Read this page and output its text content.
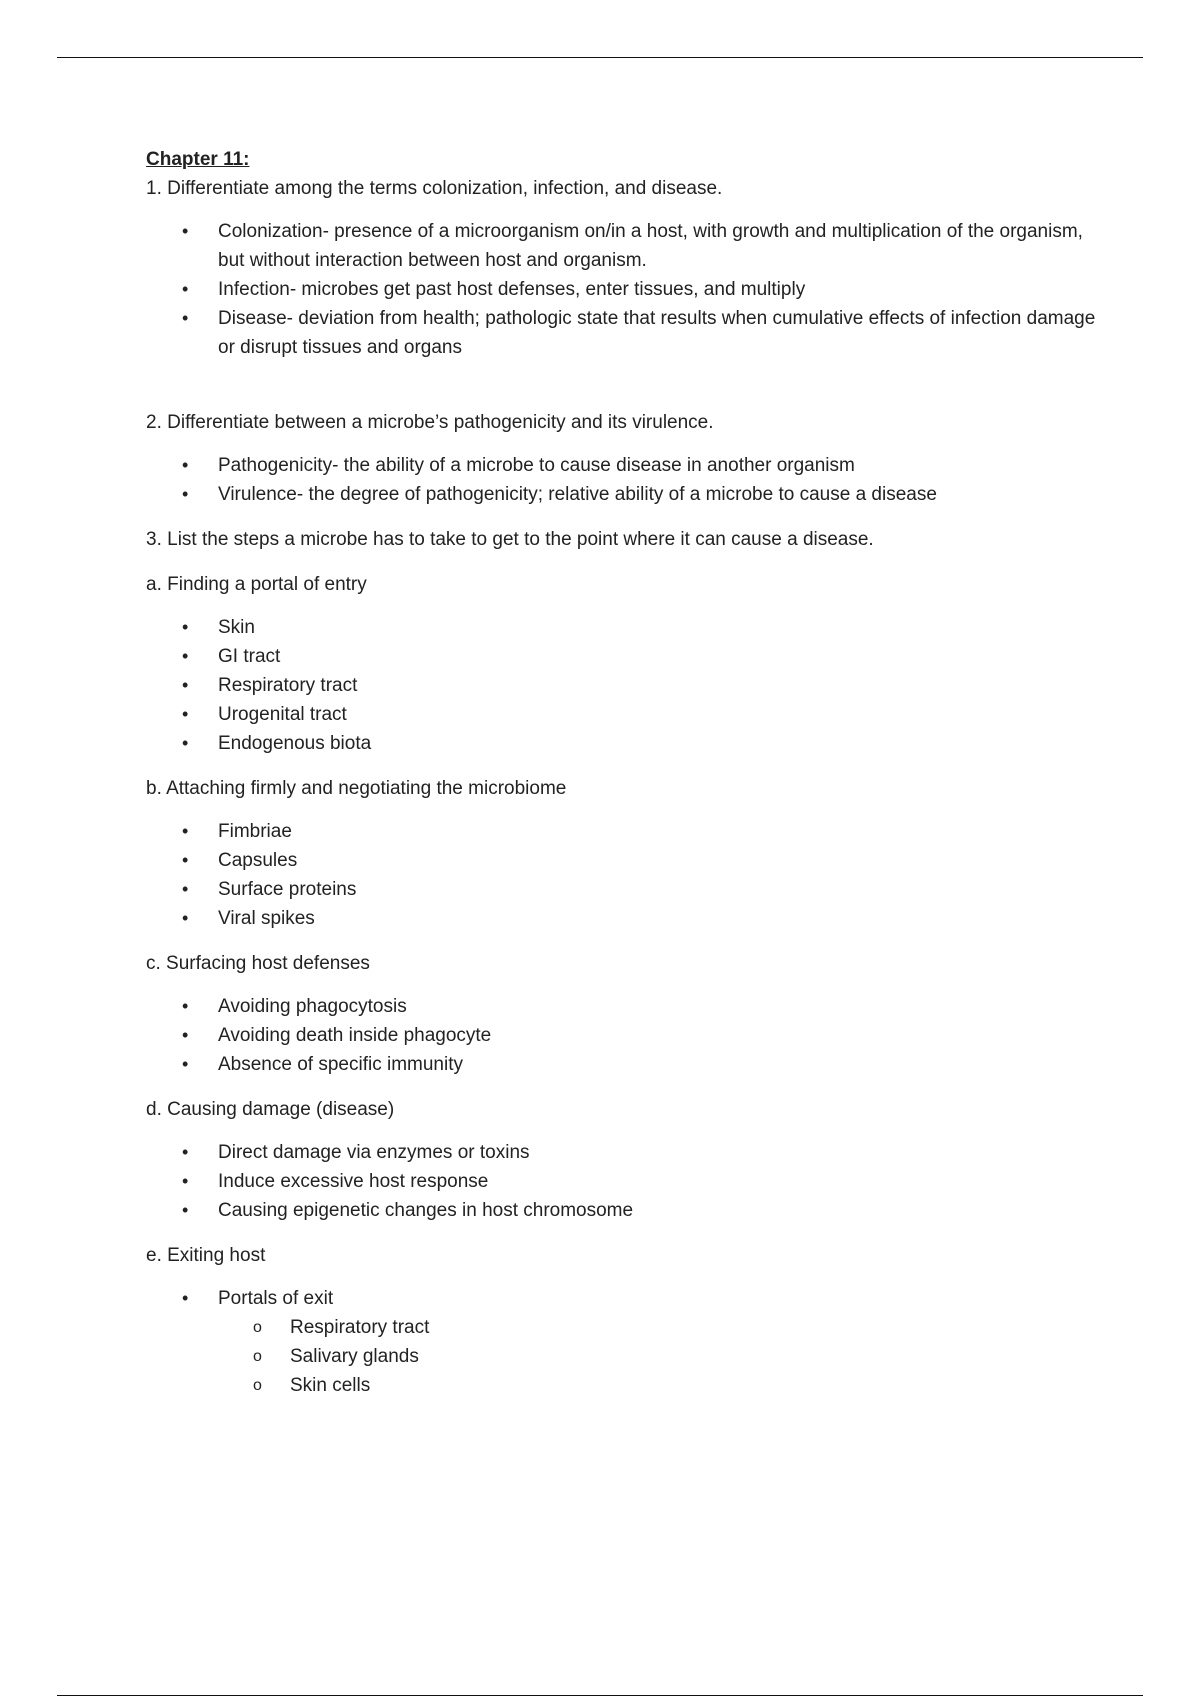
Chapter 11:

1. Differentiate among the terms colonization, infection, and disease.

• Colonization- presence of a microorganism on/in a host, with growth and multiplication of the organism, but without interaction between host and organism.
• Infection- microbes get past host defenses, enter tissues, and multiply
• Disease- deviation from health; pathologic state that results when cumulative effects of infection damage or disrupt tissues and organs

2. Differentiate between a microbe’s pathogenicity and its virulence.

• Pathogenicity- the ability of a microbe to cause disease in another organism
• Virulence- the degree of pathogenicity; relative ability of a microbe to cause a disease

3. List the steps a microbe has to take to get to the point where it can cause a disease.

a. Finding a portal of entry

• Skin
• GI tract
• Respiratory tract
• Urogenital tract
• Endogenous biota

b. Attaching firmly and negotiating the microbiome

• Fimbriae
• Capsules
• Surface proteins
• Viral spikes

c. Surfacing host defenses

• Avoiding phagocytosis
• Avoiding death inside phagocyte
• Absence of specific immunity

d. Causing damage (disease)

• Direct damage via enzymes or toxins
• Induce excessive host response
• Causing epigenetic changes in host chromosome

e. Exiting host

• Portals of exit
o Respiratory tract
o Salivary glands
o Skin cells
